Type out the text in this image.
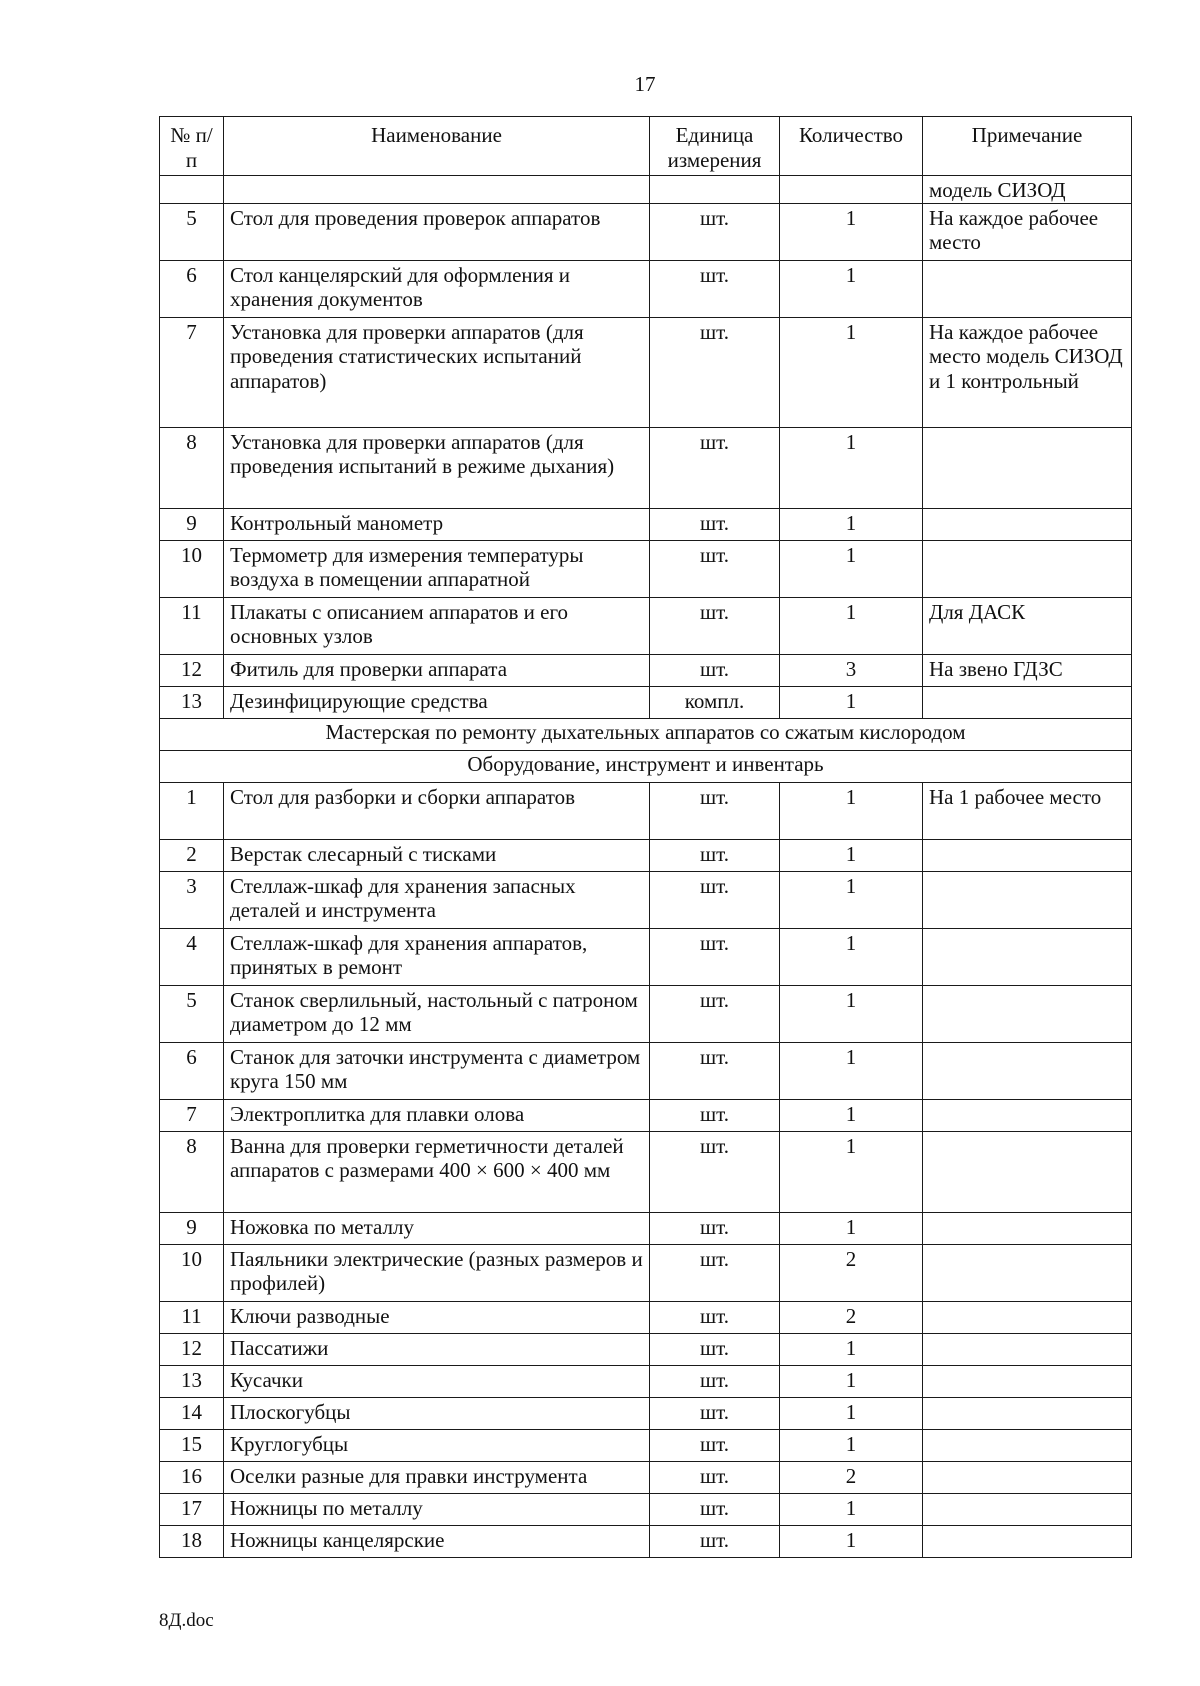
17
№ п/п	Наименование	Единица измерения	Количество	Примечание
				модель СИЗОД
5	Стол для проведения проверок аппаратов	шт.	1	На каждое рабочее место
6	Стол канцелярский для оформления и хранения документов	шт.	1	
7	Установка для проверки аппаратов (для проведения статистических испытаний аппаратов)	шт.	1	На каждое рабочее место модель СИЗОД и 1 контрольный
8	Установка для проверки аппаратов (для проведения испытаний в режиме дыхания)	шт.	1	
9	Контрольный манометр	шт.	1	
10	Термометр для измерения температуры воздуха в помещении аппаратной	шт.	1	
11	Плакаты с описанием аппаратов и его основных узлов	шт.	1	Для ДАСК
12	Фитиль для проверки аппарата	шт.	3	На звено ГДЗС
13	Дезинфицирующие средства	компл.	1	
Мастерская по ремонту дыхательных аппаратов со сжатым кислородом				
Оборудование, инструмент и инвентарь				
1	Стол для разборки и сборки аппаратов	шт.	1	На 1 рабочее место
2	Верстак слесарный с тисками	шт.	1	
3	Стеллаж-шкаф для хранения запасных деталей и инструмента	шт.	1	
4	Стеллаж-шкаф для хранения аппаратов, принятых в ремонт	шт.	1	
5	Станок сверлильный, настольный с патроном диаметром до 12 мм	шт.	1	
6	Станок для заточки инструмента с диаметром круга 150 мм	шт.	1	
7	Электроплитка для плавки олова	шт.	1	
8	Ванна для проверки герметичности деталей аппаратов с размерами 400 × 600 × 400 мм	шт.	1	
9	Ножовка по металлу	шт.	1	
10	Паяльники электрические (разных размеров и профилей)	шт.	2	
11	Ключи разводные	шт.	2	
12	Пассатижи	шт.	1	
13	Кусачки	шт.	1	
14	Плоскогубцы	шт.	1	
15	Круглогубцы	шт.	1	
16	Оселки разные для правки инструмента	шт.	2	
17	Ножницы по металлу	шт.	1	
18	Ножницы канцелярские	шт.	1	
8Д.doc
